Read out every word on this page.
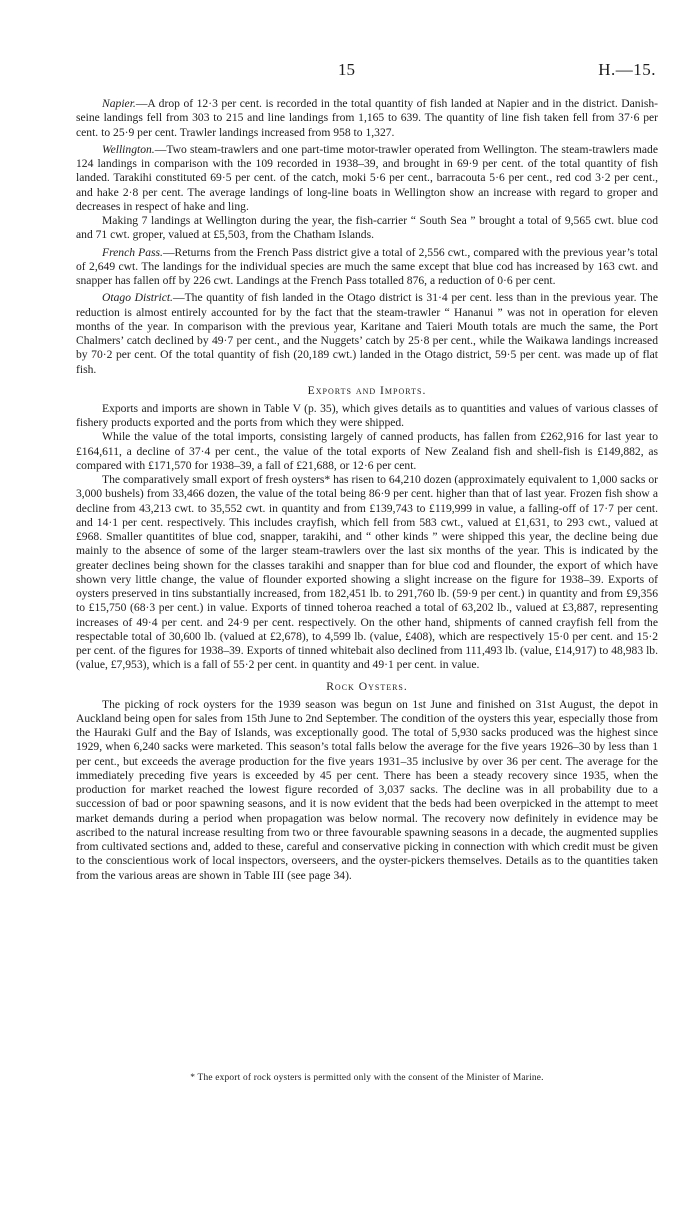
15	H.—15.

Napier.—A drop of 12·3 per cent. is recorded in the total quantity of fish landed at Napier and in the district. Danish-seine landings fell from 303 to 215 and line landings from 1,165 to 639. The quantity of line fish taken fell from 37·6 per cent. to 25·9 per cent. Trawler landings increased from 958 to 1,327.

Wellington.—Two steam-trawlers and one part-time motor-trawler operated from Wellington. The steam-trawlers made 124 landings in comparison with the 109 recorded in 1938–39, and brought in 69·9 per cent. of the total quantity of fish landed. Tarakihi constituted 69·5 per cent. of the catch, moki 5·6 per cent., barracouta 5·6 per cent., red cod 3·2 per cent., and hake 2·8 per cent. The average landings of long-line boats in Wellington show an increase with regard to groper and decreases in respect of hake and ling.

Making 7 landings at Wellington during the year, the fish-carrier “ South Sea ” brought a total of 9,565 cwt. blue cod and 71 cwt. groper, valued at £5,503, from the Chatham Islands.

French Pass.—Returns from the French Pass district give a total of 2,556 cwt., compared with the previous year’s total of 2,649 cwt. The landings for the individual species are much the same except that blue cod has increased by 163 cwt. and snapper has fallen off by 226 cwt. Landings at the French Pass totalled 876, a reduction of 0·6 per cent.

Otago District.—The quantity of fish landed in the Otago district is 31·4 per cent. less than in the previous year. The reduction is almost entirely accounted for by the fact that the steam-trawler “ Hananui ” was not in operation for eleven months of the year. In comparison with the previous year, Karitane and Taieri Mouth totals are much the same, the Port Chalmers’ catch declined by 49·7 per cent., and the Nuggets’ catch by 25·8 per cent., while the Waikawa landings increased by 70·2 per cent. Of the total quantity of fish (20,189 cwt.) landed in the Otago district, 59·5 per cent. was made up of flat fish.

Exports and Imports.

Exports and imports are shown in Table V (p. 35), which gives details as to quantities and values of various classes of fishery products exported and the ports from which they were shipped.

While the value of the total imports, consisting largely of canned products, has fallen from £262,916 for last year to £164,611, a decline of 37·4 per cent., the value of the total exports of New Zealand fish and shell-fish is £149,882, as compared with £171,570 for 1938–39, a fall of £21,688, or 12·6 per cent.

The comparatively small export of fresh oysters* has risen to 64,210 dozen (approximately equivalent to 1,000 sacks or 3,000 bushels) from 33,466 dozen, the value of the total being 86·9 per cent. higher than that of last year. Frozen fish show a decline from 43,213 cwt. to 35,552 cwt. in quantity and from £139,743 to £119,999 in value, a falling-off of 17·7 per cent. and 14·1 per cent. respectively. This includes crayfish, which fell from 583 cwt., valued at £1,631, to 293 cwt., valued at £968. Smaller quantitites of blue cod, snapper, tarakihi, and “ other kinds ” were shipped this year, the decline being due mainly to the absence of some of the larger steam-trawlers over the last six months of the year. This is indicated by the greater declines being shown for the classes tarakihi and snapper than for blue cod and flounder, the export of which have shown very little change, the value of flounder exported showing a slight increase on the figure for 1938–39. Exports of oysters preserved in tins substantially increased, from 182,451 lb. to 291,760 lb. (59·9 per cent.) in quantity and from £9,356 to £15,750 (68·3 per cent.) in value. Exports of tinned toheroa reached a total of 63,202 lb., valued at £3,887, representing increases of 49·4 per cent. and 24·9 per cent. respectively. On the other hand, shipments of canned crayfish fell from the respectable total of 30,600 lb. (valued at £2,678), to 4,599 lb. (value, £408), which are respectively 15·0 per cent. and 15·2 per cent. of the figures for 1938–39. Exports of tinned whitebait also declined from 111,493 lb. (value, £14,917) to 48,983 lb. (value, £7,953), which is a fall of 55·2 per cent. in quantity and 49·1 per cent. in value.

Rock Oysters.

The picking of rock oysters for the 1939 season was begun on 1st June and finished on 31st August, the depot in Auckland being open for sales from 15th June to 2nd September. The condition of the oysters this year, especially those from the Hauraki Gulf and the Bay of Islands, was exceptionally good. The total of 5,930 sacks produced was the highest since 1929, when 6,240 sacks were marketed. This season’s total falls below the average for the five years 1926–30 by less than 1 per cent., but exceeds the average production for the five years 1931–35 inclusive by over 36 per cent. The average for the immediately preceding five years is exceeded by 45 per cent. There has been a steady recovery since 1935, when the production for market reached the lowest figure recorded of 3,037 sacks. The decline was in all probability due to a succession of bad or poor spawning seasons, and it is now evident that the beds had been overpicked in the attempt to meet market demands during a period when propagation was below normal. The recovery now definitely in evidence may be ascribed to the natural increase resulting from two or three favourable spawning seasons in a decade, the augmented supplies from cultivated sections and, added to these, careful and conservative picking in connection with which credit must be given to the conscientious work of local inspectors, overseers, and the oyster-pickers themselves. Details as to the quantities taken from the various areas are shown in Table III (see page 34).

* The export of rock oysters is permitted only with the consent of the Minister of Marine.
